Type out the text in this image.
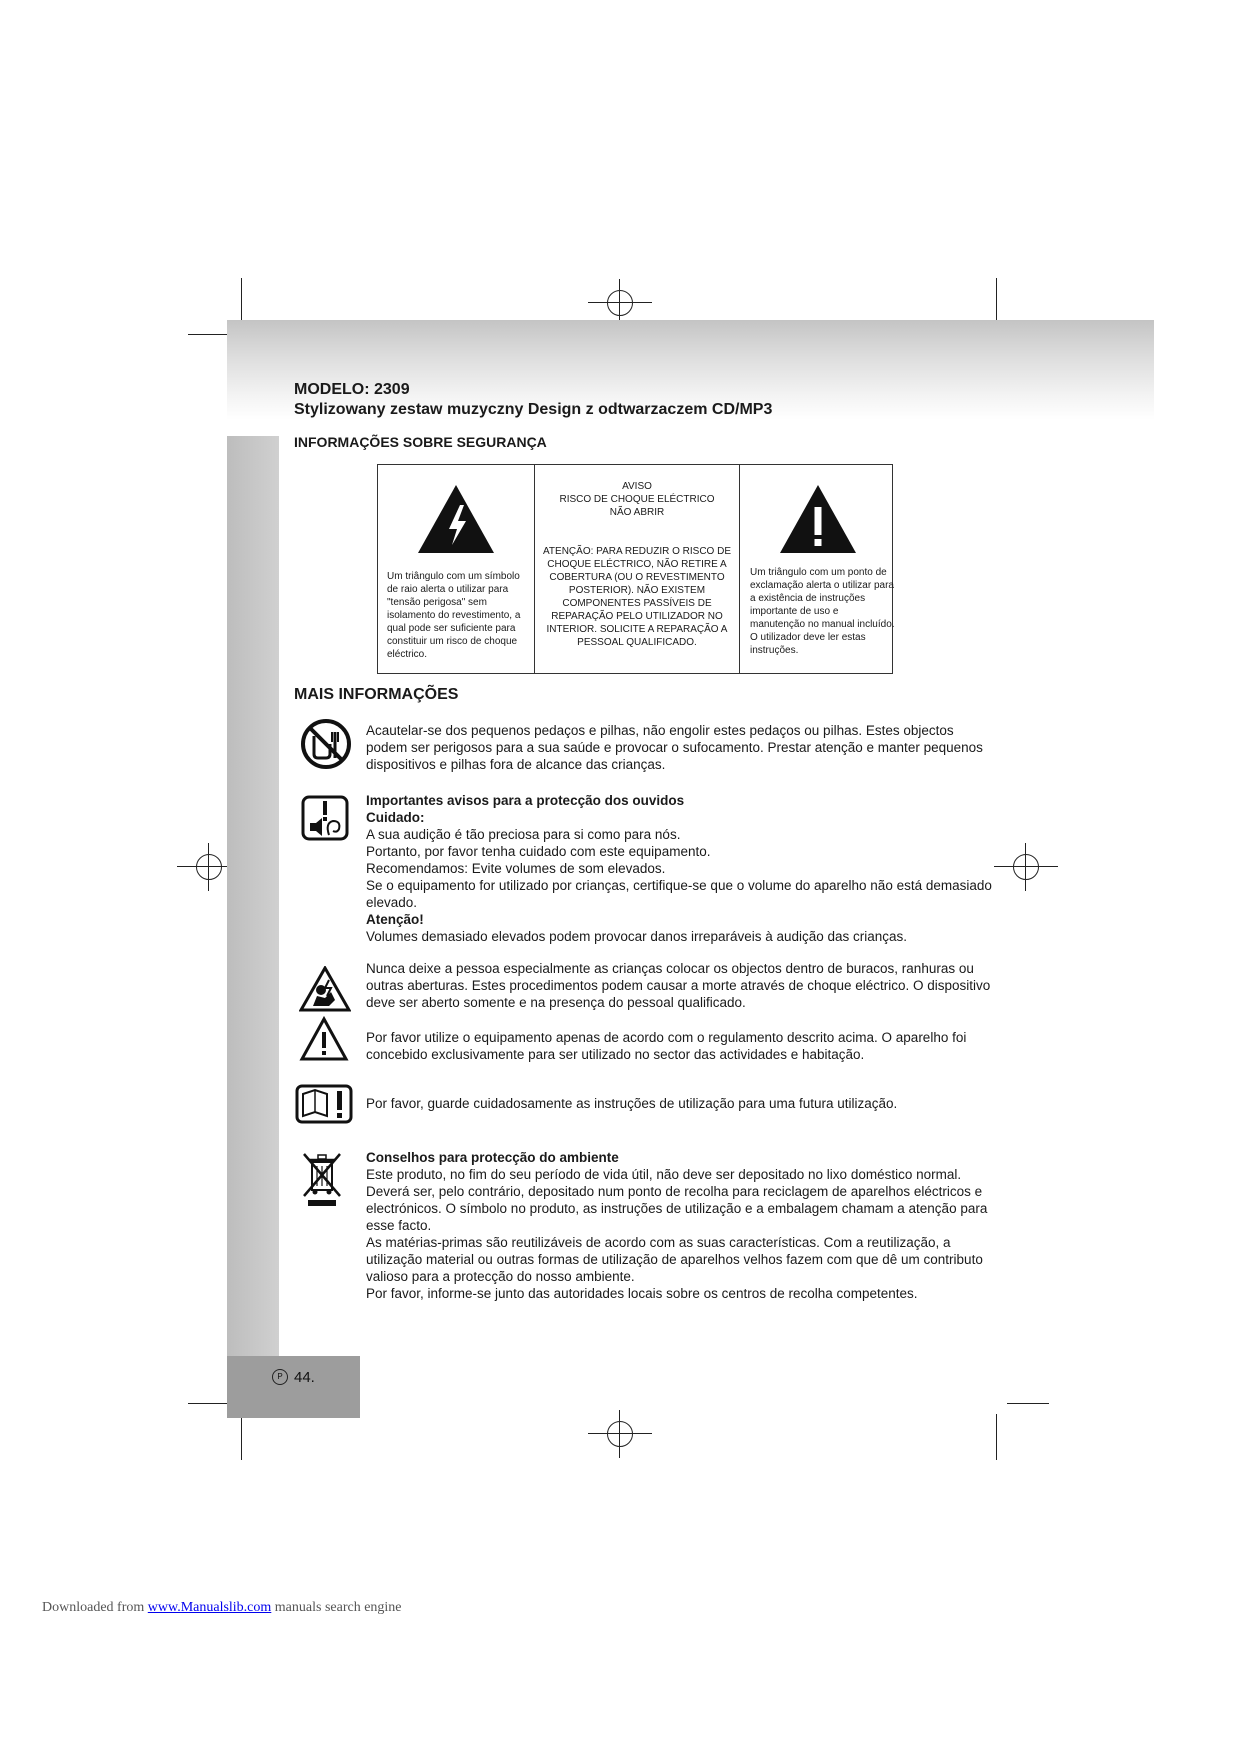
MODELO: 2309
Stylizowany zestaw muzyczny Design z odtwarzaczem CD/MP3
INFORMAÇÕES SOBRE SEGURANÇA
Um triângulo com um símbolo de raio alerta o utilizar para "tensão perigosa" sem isolamento do revestimento, a qual pode ser suficiente para constituir um risco de choque eléctrico.
AVISO
RISCO DE CHOQUE ELÉCTRICO
NÃO ABRIR
ATENÇÃO: PARA REDUZIR O RISCO DE CHOQUE ELÉCTRICO, NÃO RETIRE A COBERTURA (OU O REVESTIMENTO POSTERIOR). NÃO EXISTEM COMPONENTES PASSÍVEIS DE REPARAÇÃO PELO UTILIZADOR NO INTERIOR. SOLICITE A REPARAÇÃO A PESSOAL QUALIFICADO.
Um triângulo com um ponto de exclamação alerta o utilizar para a existência de instruções importante de uso e manutenção no manual incluído. O utilizador deve ler estas instruções.
MAIS INFORMAÇÕES

Acautelar-se dos pequenos pedaços e pilhas, não engolir estes pedaços ou pilhas. Estes objectos podem ser perigosos para a sua saúde e provocar o sufocamento. Prestar atenção e manter pequenos dispositivos e pilhas fora de alcance das crianças.

Importantes avisos para a protecção dos ouvidos

Cuidado:

A sua audição é tão preciosa para si como para nós.

Portanto, por favor tenha cuidado com este equipamento.

Recomendamos: Evite volumes de som elevados.

Se o equipamento for utilizado por crianças, certifique-se que o volume do aparelho não está demasiado elevado.

Atenção!

Volumes demasiado elevados podem provocar danos irreparáveis à audição das crianças.

Nunca deixe a pessoa especialmente as crianças colocar os objectos dentro de buracos, ranhuras ou outras aberturas. Estes procedimentos podem causar a morte através de choque eléctrico. O dispositivo deve ser aberto somente e na presença do pessoal qualificado.

Por favor utilize o equipamento apenas de acordo com o regulamento descrito acima. O aparelho foi concebido exclusivamente para ser utilizado no sector das actividades e habitação.

Por favor, guarde cuidadosamente as instruções de utilização para uma futura utilização.

Conselhos para protecção do ambiente

Este produto, no fim do seu período de vida útil, não deve ser depositado no lixo doméstico normal. Deverá ser, pelo contrário, depositado num ponto de recolha para reciclagem de aparelhos eléctricos e electrónicos. O símbolo no produto, as instruções de utilização e a embalagem chamam a atenção para esse facto.

As matérias-primas são reutilizáveis de acordo com as suas características. Com a reutilização, a utilização material ou outras formas de utilização de aparelhos velhos fazem com que dê um contributo valioso para a protecção do nosso ambiente.

Por favor, informe-se junto das autoridades locais sobre os centros de recolha competentes.

P 44.
Downloaded from www.Manualslib.com manuals search engine
